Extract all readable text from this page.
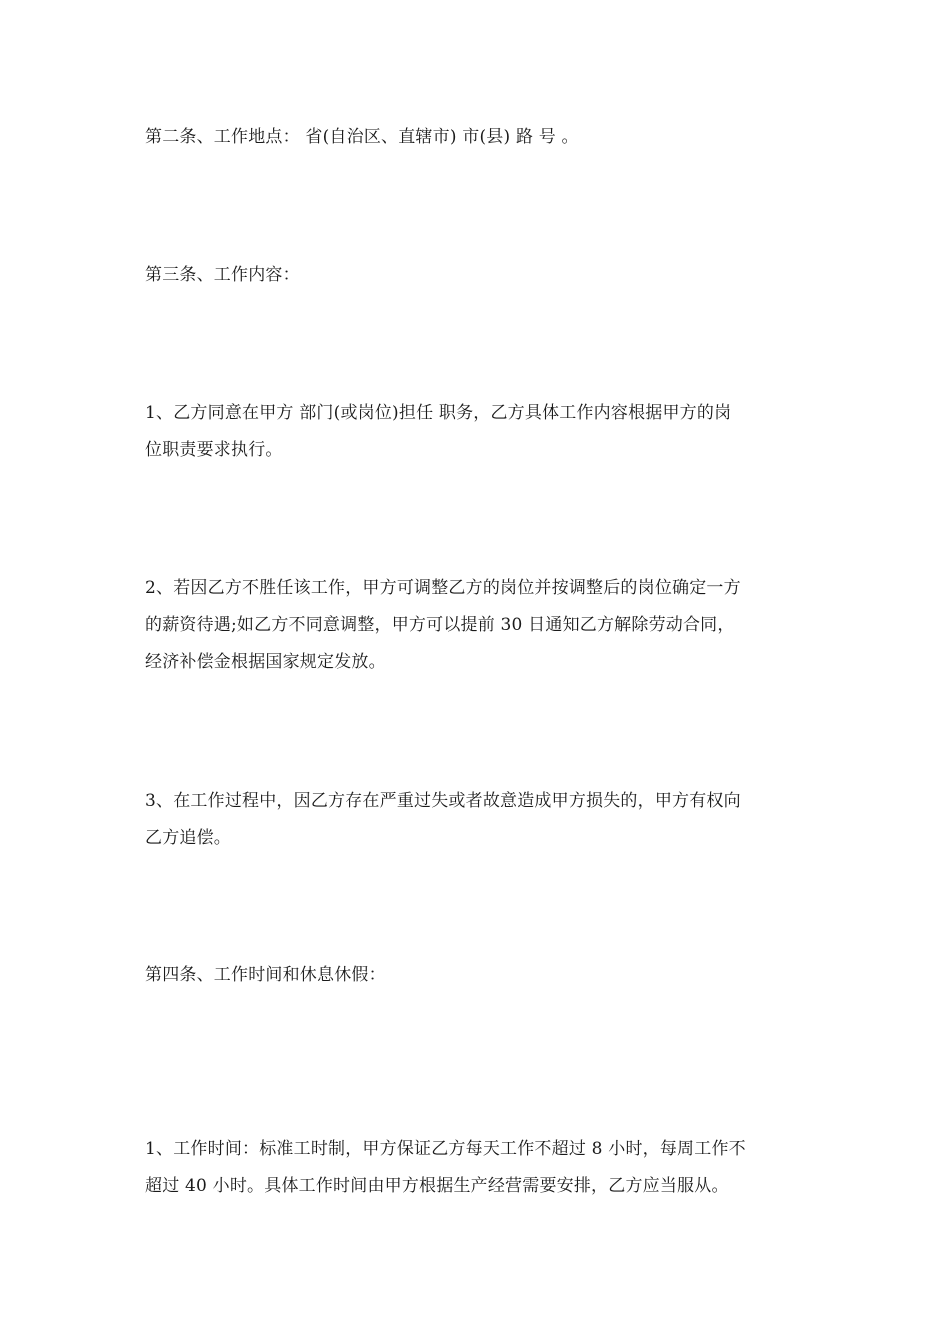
第二条、工作地点： 省(自治区、直辖市) 市(县) 路 号 。

第三条、工作内容：

1、乙方同意在甲方 部门(或岗位)担任 职务，乙方具体工作内容根据甲方的岗
位职责要求执行。

2、若因乙方不胜任该工作，甲方可调整乙方的岗位并按调整后的岗位确定一方
的薪资待遇;如乙方不同意调整，甲方可以提前 30 日通知乙方解除劳动合同，
经济补偿金根据国家规定发放。

3、在工作过程中，因乙方存在严重过失或者故意造成甲方损失的，甲方有权向
乙方追偿。

第四条、工作时间和休息休假：

1、工作时间：标准工时制，甲方保证乙方每天工作不超过 8 小时，每周工作不
超过 40 小时。具体工作时间由甲方根据生产经营需要安排，乙方应当服从。
